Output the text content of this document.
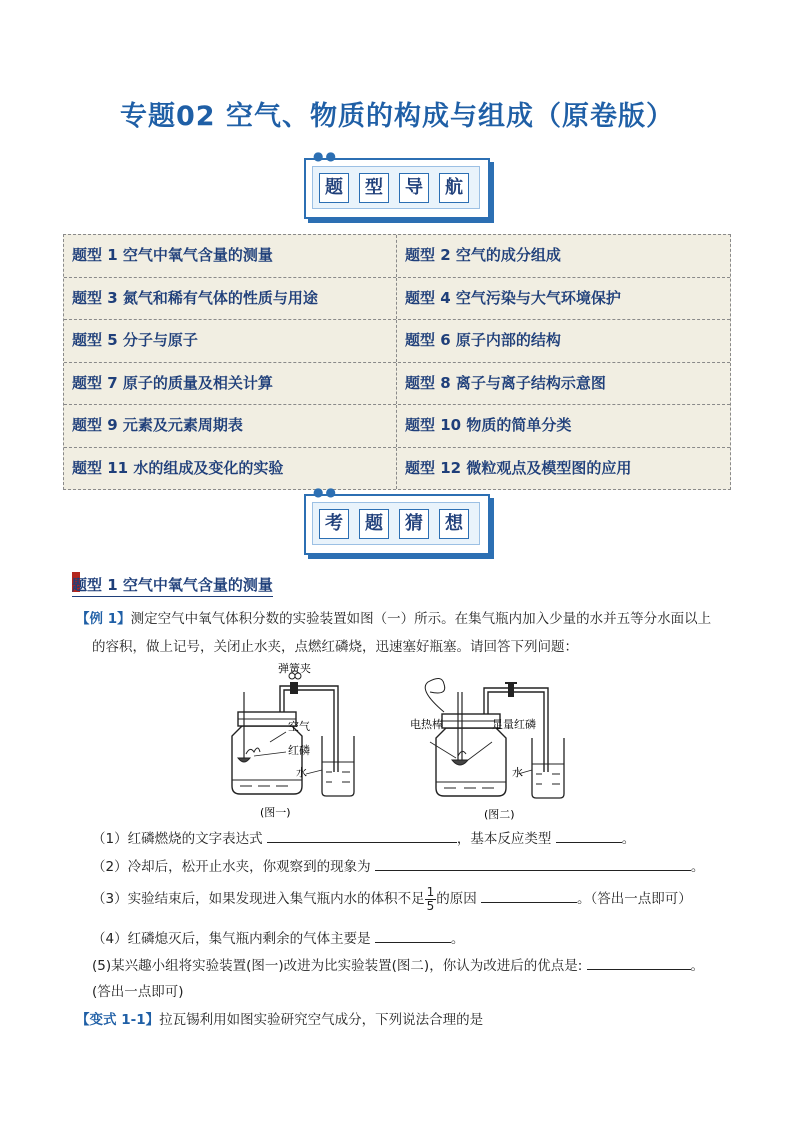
专题02 空气、物质的构成与组成（原卷版）
●●
题	型	导	航
题型 1 空气中氧气含量的测量	题型 2 空气的成分组成
题型 3 氮气和稀有气体的性质与用途	题型 4 空气污染与大气环境保护
题型 5 分子与原子	题型 6 原子内部的结构
题型 7 原子的质量及相关计算	题型 8 离子与离子结构示意图
题型 9 元素及元素周期表	题型 10 物质的简单分类
题型 11 水的组成及变化的实验	题型 12 微粒观点及模型图的应用
●●
考	题	猜	想
题型 1 空气中氧气含量的测量
【例 1】测定空气中氧气体积分数的实验装置如图（一）所示。在集气瓶内加入少量的水并五等分水面以上
的容积，做上记号，关闭止水夹，点燃红磷烧，迅速塞好瓶塞。请回答下列问题：
弹簧夹
空气
红磷
水
(图一)
电热棒	足量红磷
水
(图二)
（1）红磷燃烧的文字表达式	，基本反应类型	。
（2）冷却后，松开止水夹，你观察到的现象为	。
（3）实验结束后，如果发现进入集气瓶内水的体积不足 $\frac{1}{5}$ 的原因	。（答出一点即可）
（4）红磷熄灭后，集气瓶内剩余的气体主要是	。
(5)某兴趣小组将实验装置(图一)改进为比实验装置(图二)，你认为改进后的优点是:	。
(答出一点即可)
【变式 1-1】拉瓦锡利用如图实验研究空气成分，下列说法合理的是
